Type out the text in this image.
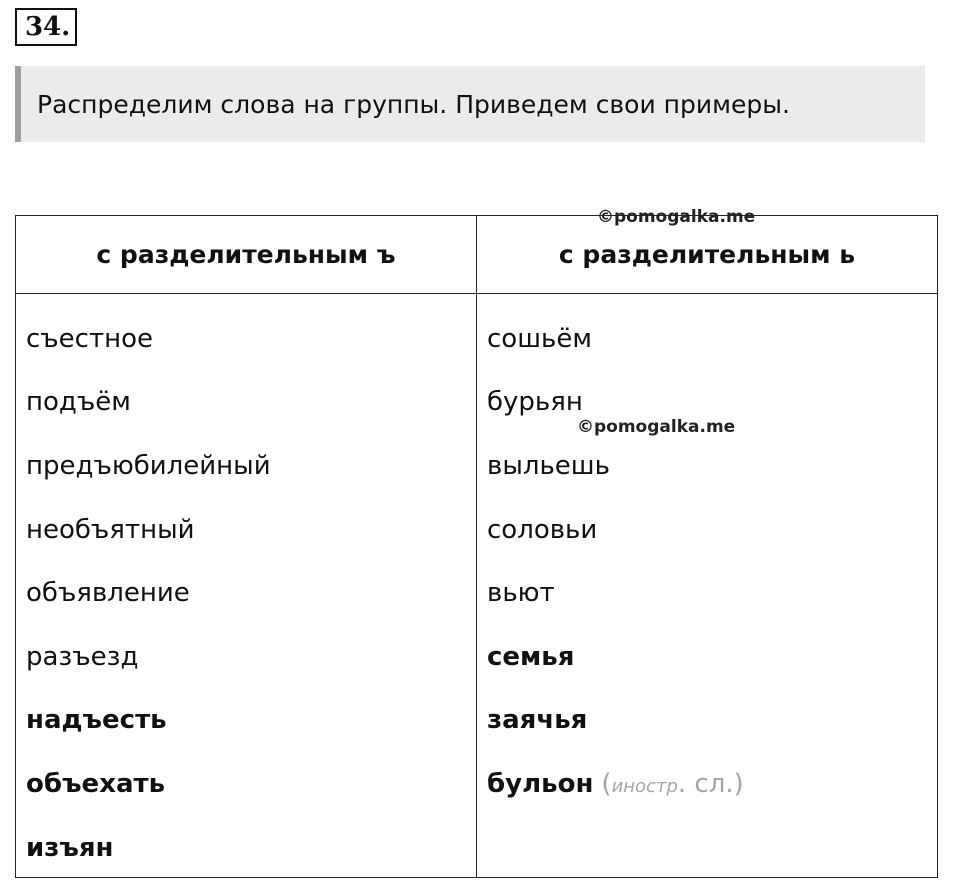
34.
Распределим слова на группы. Приведем свои примеры.
с разделительным ъ	с разделительным ь
съестное
подъём
предъюбилейный
необъятный
объявление
разъезд
надъесть
объехать
изъян
сошьём
бурьян
выльешь
соловьи
вьют
семья
заячья
бульон (иностр. сл.)
©pomogalka.me
©pomogalka.me
